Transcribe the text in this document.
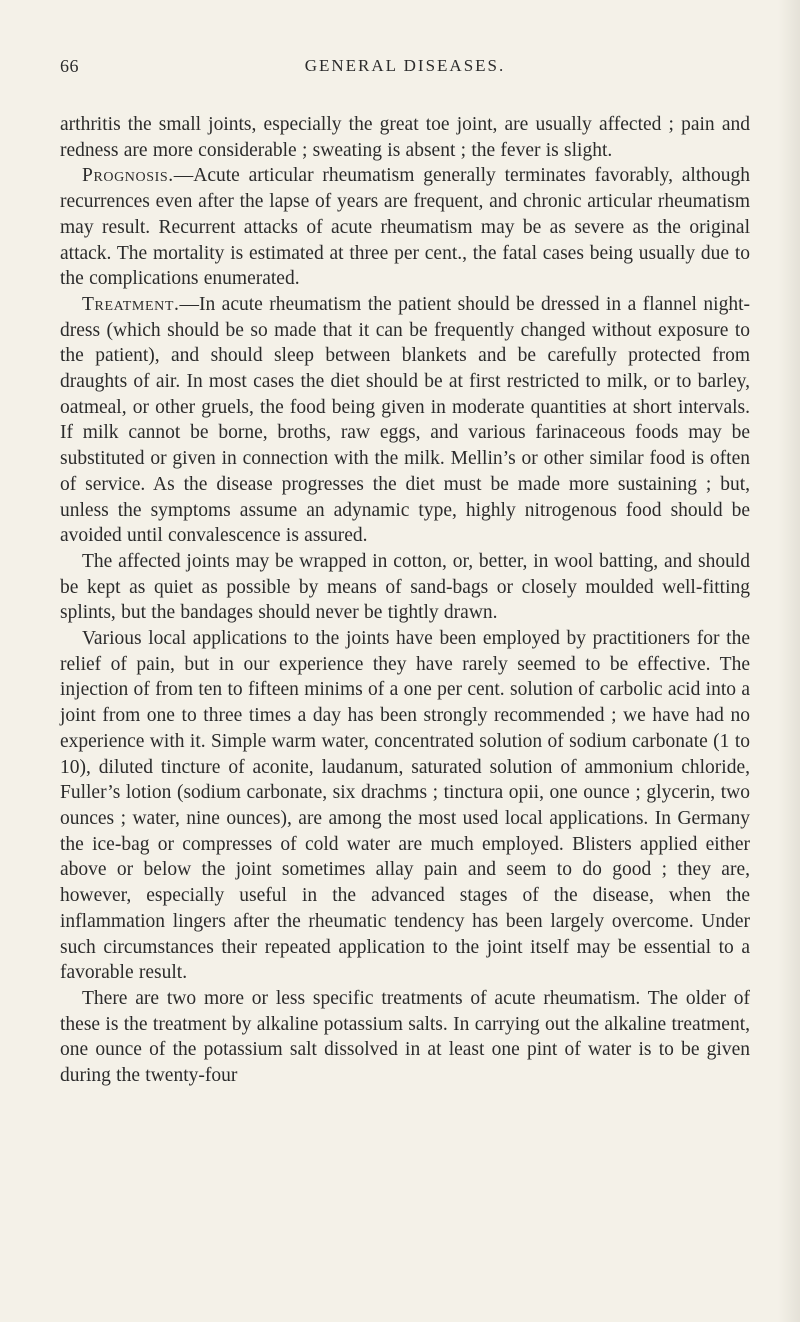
66	GENERAL DISEASES.

arthritis the small joints, especially the great toe joint, are usually affected ; pain and redness are more considerable ; sweating is absent ; the fever is slight.

Prognosis.—Acute articular rheumatism generally terminates favorably, although recurrences even after the lapse of years are frequent, and chronic articular rheumatism may result. Recurrent attacks of acute rheumatism may be as severe as the original attack. The mortality is estimated at three per cent., the fatal cases being usually due to the complications enumerated.

Treatment.—In acute rheumatism the patient should be dressed in a flannel night-dress (which should be so made that it can be frequently changed without exposure to the patient), and should sleep between blankets and be carefully protected from draughts of air. In most cases the diet should be at first restricted to milk, or to barley, oatmeal, or other gruels, the food being given in moderate quantities at short intervals. If milk cannot be borne, broths, raw eggs, and various farinaceous foods may be substituted or given in connection with the milk. Mellin’s or other similar food is often of service. As the disease progresses the diet must be made more sustaining ; but, unless the symptoms assume an adynamic type, highly nitrogenous food should be avoided until convalescence is assured.

The affected joints may be wrapped in cotton, or, better, in wool batting, and should be kept as quiet as possible by means of sand-bags or closely moulded well-fitting splints, but the bandages should never be tightly drawn.

Various local applications to the joints have been employed by practitioners for the relief of pain, but in our experience they have rarely seemed to be effective. The injection of from ten to fifteen minims of a one per cent. solution of carbolic acid into a joint from one to three times a day has been strongly recommended ; we have had no experience with it. Simple warm water, concentrated solution of sodium carbonate (1 to 10), diluted tincture of aconite, laudanum, saturated solution of ammonium chloride, Fuller’s lotion (sodium carbonate, six drachms ; tinctura opii, one ounce ; glycerin, two ounces ; water, nine ounces), are among the most used local applications. In Germany the ice-bag or compresses of cold water are much employed. Blisters applied either above or below the joint sometimes allay pain and seem to do good ; they are, however, especially useful in the advanced stages of the disease, when the inflammation lingers after the rheumatic tendency has been largely overcome. Under such circumstances their repeated application to the joint itself may be essential to a favorable result.

There are two more or less specific treatments of acute rheumatism. The older of these is the treatment by alkaline potassium salts. In carrying out the alkaline treatment, one ounce of the potassium salt dissolved in at least one pint of water is to be given during the twenty-four
